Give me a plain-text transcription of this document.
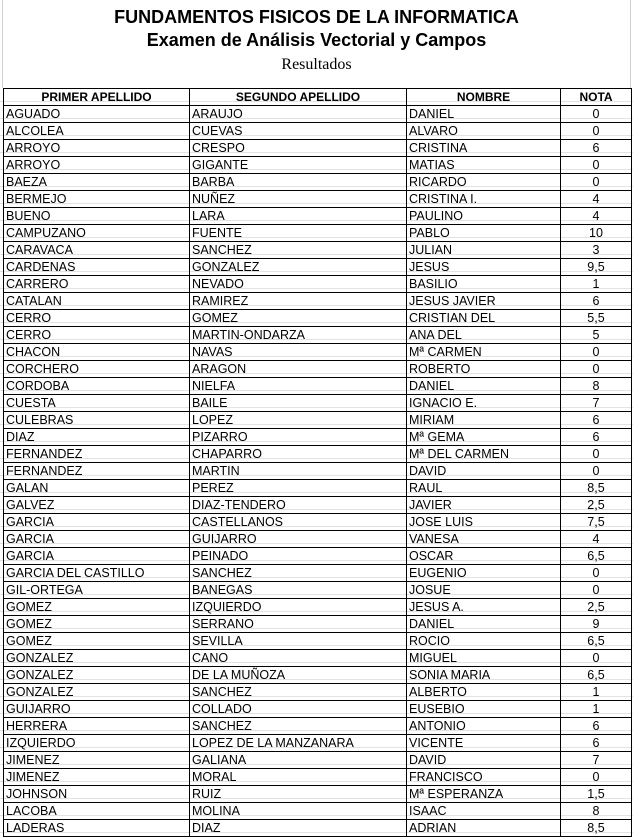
FUNDAMENTOS FISICOS DE LA INFORMATICA
Examen de Análisis Vectorial y Campos
Resultados
PRIMER APELLIDO	SEGUNDO APELLIDO	NOMBRE	NOTA
AGUADO	ARAUJO	DANIEL	0
ALCOLEA	CUEVAS	ALVARO	0
ARROYO	CRESPO	CRISTINA	6
ARROYO	GIGANTE	MATIAS	0
BAEZA	BARBA	RICARDO	0
BERMEJO	NUÑEZ	CRISTINA I.	4
BUENO	LARA	PAULINO	4
CAMPUZANO	FUENTE	PABLO	10
CARAVACA	SANCHEZ	JULIAN	3
CARDENAS	GONZALEZ	JESUS	9,5
CARRERO	NEVADO	BASILIO	1
CATALAN	RAMIREZ	JESUS JAVIER	6
CERRO	GOMEZ	CRISTIAN DEL	5,5
CERRO	MARTIN-ONDARZA	ANA DEL	5
CHACON	NAVAS	Mª CARMEN	0
CORCHERO	ARAGON	ROBERTO	0
CORDOBA	NIELFA	DANIEL	8
CUESTA	BAILE	IGNACIO E.	7
CULEBRAS	LOPEZ	MIRIAM	6
DIAZ	PIZARRO	Mª GEMA	6
FERNANDEZ	CHAPARRO	Mª DEL CARMEN	0
FERNANDEZ	MARTIN	DAVID	0
GALAN	PEREZ	RAUL	8,5
GALVEZ	DIAZ-TENDERO	JAVIER	2,5
GARCIA	CASTELLANOS	JOSE LUIS	7,5
GARCIA	GUIJARRO	VANESA	4
GARCIA	PEINADO	OSCAR	6,5
GARCIA DEL CASTILLO	SANCHEZ	EUGENIO	0
GIL-ORTEGA	BANEGAS	JOSUE	0
GOMEZ	IZQUIERDO	JESUS A.	2,5
GOMEZ	SERRANO	DANIEL	9
GOMEZ	SEVILLA	ROCIO	6,5
GONZALEZ	CANO	MIGUEL	0
GONZALEZ	DE LA MUÑOZA	SONIA MARIA	6,5
GONZALEZ	SANCHEZ	ALBERTO	1
GUIJARRO	COLLADO	EUSEBIO	1
HERRERA	SANCHEZ	ANTONIO	6
IZQUIERDO	LOPEZ DE LA MANZANARA	VICENTE	6
JIMENEZ	GALIANA	DAVID	7
JIMENEZ	MORAL	FRANCISCO	0
JOHNSON	RUIZ	Mª ESPERANZA	1,5
LACOBA	MOLINA	ISAAC	8
LADERAS	DIAZ	ADRIAN	8,5
